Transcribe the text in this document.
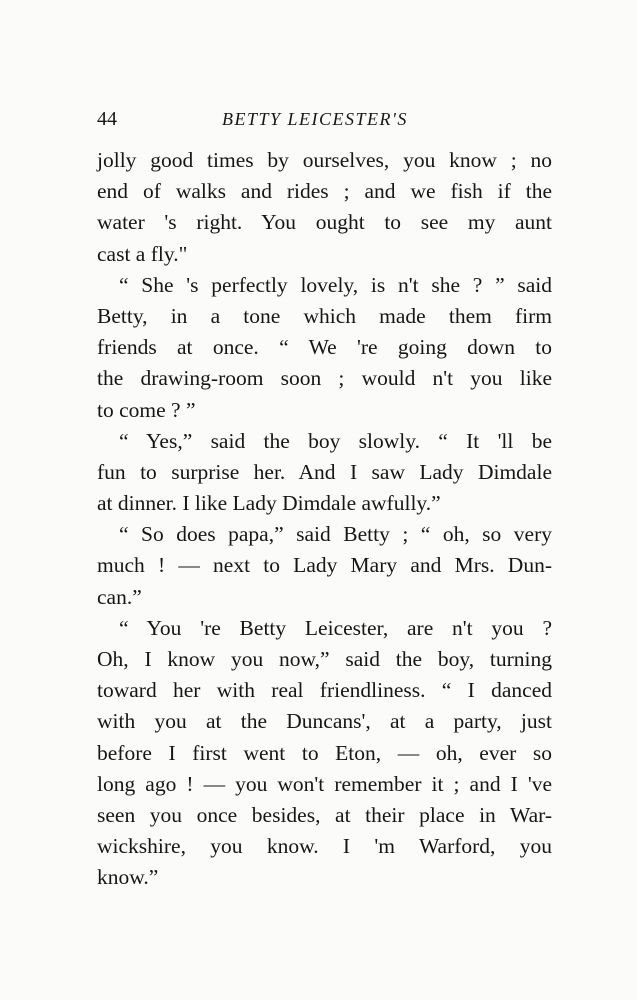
44	BETTY LEICESTER'S
jolly good times by ourselves, you know ; no
end of walks and rides ; and we fish if the
water 's right. You ought to see my aunt
cast a fly."
“ She 's perfectly lovely, is n't she ? ” said
Betty, in a tone which made them firm
friends at once. “ We 're going down to
the drawing-room soon ; would n't you like
to come ? ”
“ Yes,” said the boy slowly. “ It 'll be
fun to surprise her. And I saw Lady Dimdale
at dinner. I like Lady Dimdale awfully.”
“ So does papa,” said Betty ; “ oh, so very
much ! — next to Lady Mary and Mrs. Dun-
can.”
“ You 're Betty Leicester, are n't you ?
Oh, I know you now,” said the boy, turning
toward her with real friendliness. “ I danced
with you at the Duncans', at a party, just
before I first went to Eton, — oh, ever so
long ago ! — you won't remember it ; and I 've
seen you once besides, at their place in War-
wickshire, you know. I 'm Warford, you
know.”
